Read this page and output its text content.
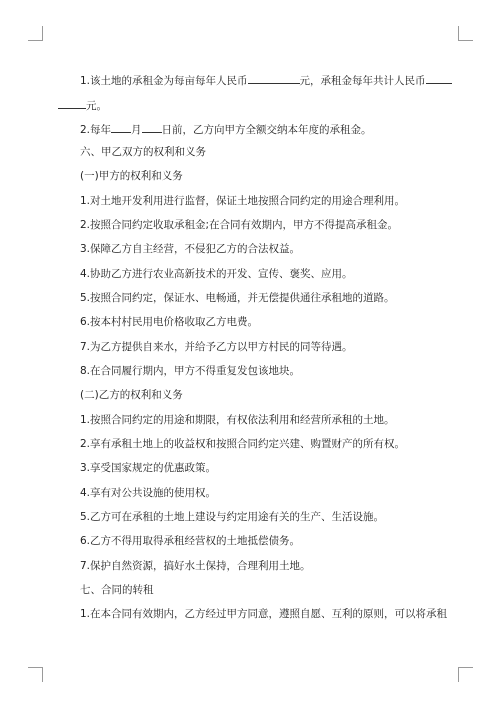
1.该土地的承租金为每亩每年人民币	元，承租金每年共计人民币
元。
2.每年 月 日前，乙方向甲方全额交纳本年度的承租金。
六、甲乙双方的权利和义务
(一)甲方的权利和义务
1.对土地开发利用进行监督，保证土地按照合同约定的用途合理利用。
2.按照合同约定收取承租金;在合同有效期内，甲方不得提高承租金。
3.保障乙方自主经营，不侵犯乙方的合法权益。
4.协助乙方进行农业高新技术的开发、宣传、褒奖、应用。
5.按照合同约定，保证水、电畅通，并无偿提供通往承租地的道路。
6.按本村村民用电价格收取乙方电费。
7.为乙方提供自来水，并给予乙方以甲方村民的同等待遇。
8.在合同履行期内，甲方不得重复发包该地块。
(二)乙方的权利和义务
1.按照合同约定的用途和期限，有权依法利用和经营所承租的土地。
2.享有承租土地上的收益权和按照合同约定兴建、购置财产的所有权。
3.享受国家规定的优惠政策。
4.享有对公共设施的使用权。
5.乙方可在承租的土地上建设与约定用途有关的生产、生活设施。
6.乙方不得用取得承租经营权的土地抵偿债务。
7.保护自然资源，搞好水土保持，合理利用土地。
七、合同的转租
1.在本合同有效期内，乙方经过甲方同意，遵照自愿、互利的原则，可以将承租
